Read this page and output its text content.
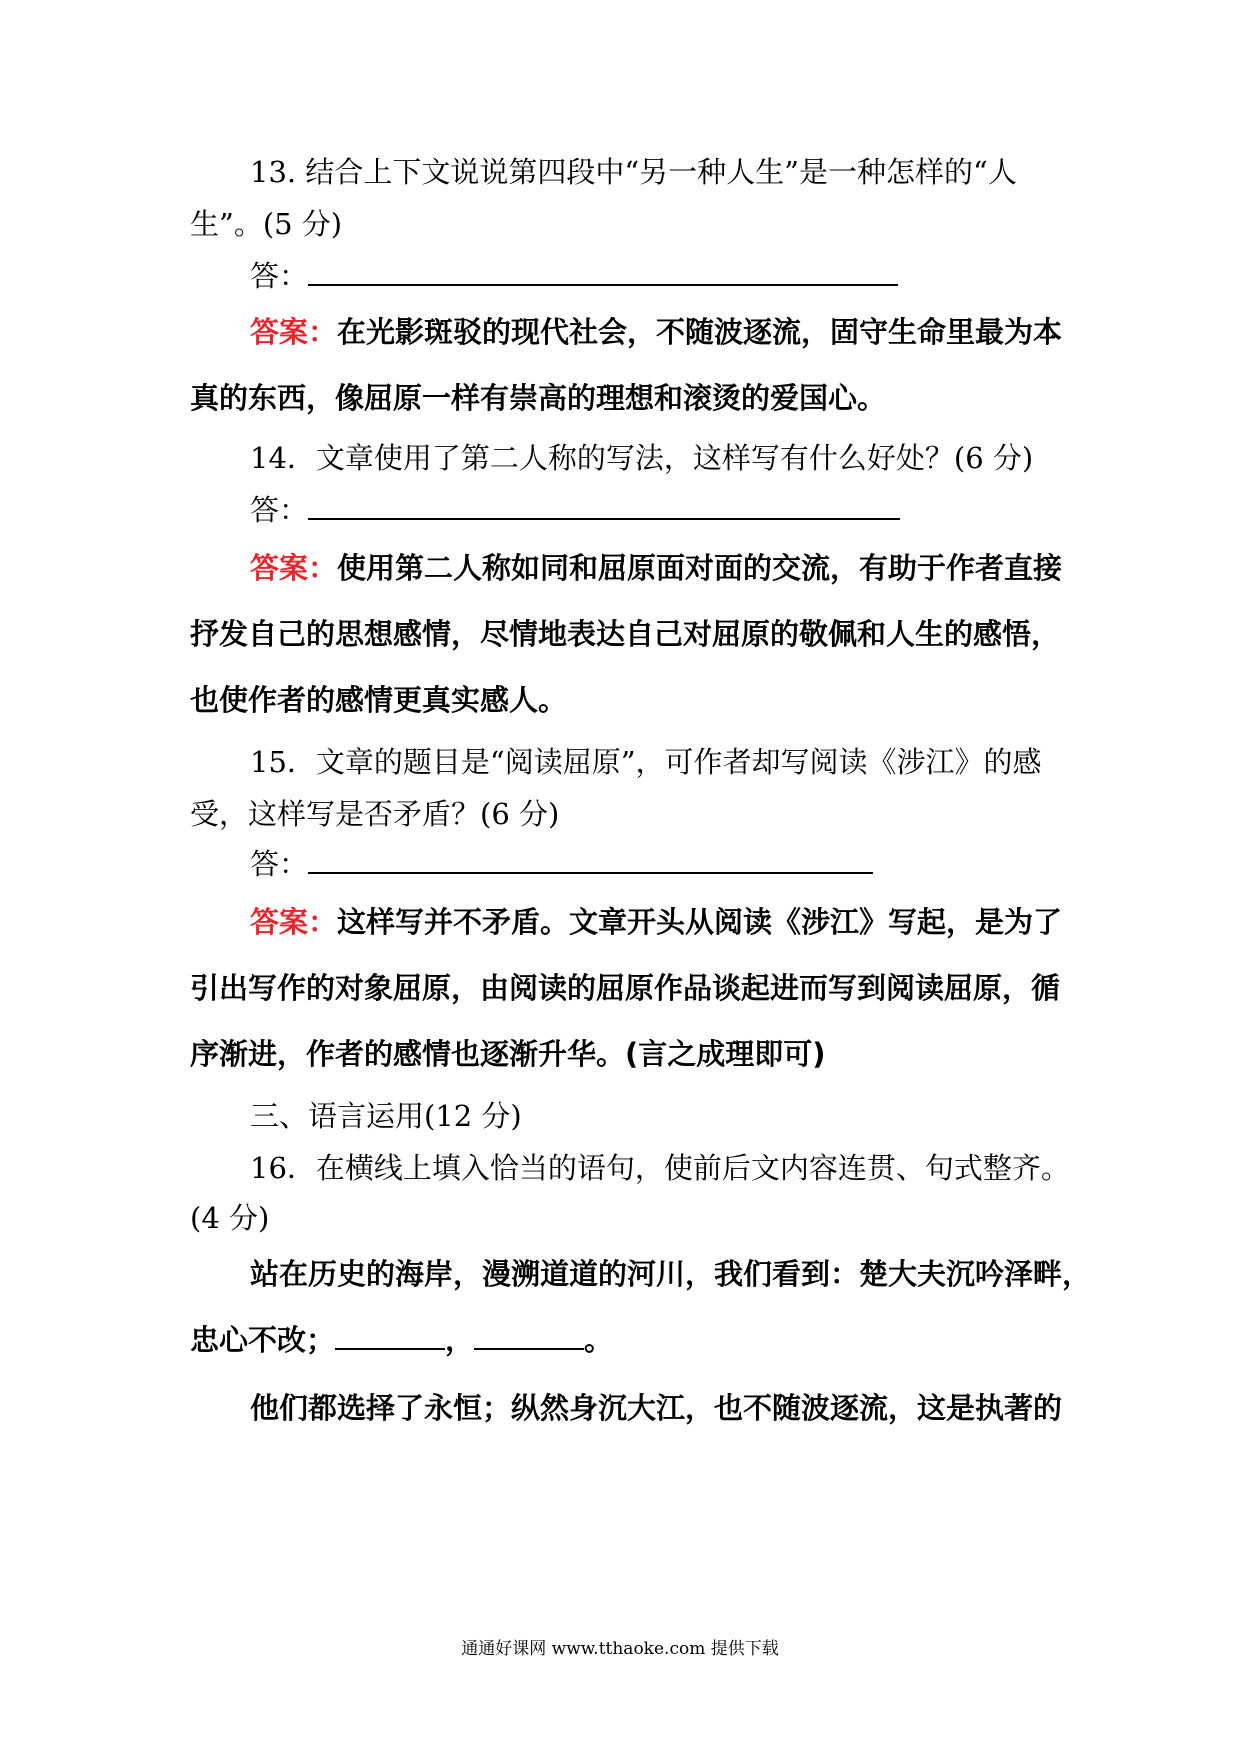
13. 结合上下文说说第四段中“另一种人生”是一种怎样的“人
生”。(5 分)
答：
答案：在光影斑驳的现代社会，不随波逐流，固守生命里最为本
真的东西，像屈原一样有崇高的理想和滚烫的爱国心。
14．文章使用了第二人称的写法，这样写有什么好处？(6 分)
答：
答案：使用第二人称如同和屈原面对面的交流，有助于作者直接
抒发自己的思想感情，尽情地表达自己对屈原的敬佩和人生的感悟，
也使作者的感情更真实感人。
15．文章的题目是“阅读屈原”，可作者却写阅读《涉江》的感
受，这样写是否矛盾？(6 分)
答：
答案：这样写并不矛盾。文章开头从阅读《涉江》写起，是为了
引出写作的对象屈原，由阅读的屈原作品谈起进而写到阅读屈原，循
序渐进，作者的感情也逐渐升华。(言之成理即可)
三、语言运用(12 分)
16．在横线上填入恰当的语句，使前后文内容连贯、句式整齐。
(4 分)
站在历史的海岸，漫溯道道的河川，我们看到：楚大夫沉吟泽畔，
忠心不改；	，	。
他们都选择了永恒；纵然身沉大江，也不随波逐流，这是执著的
通通好课网 www.tthaoke.com 提供下载
